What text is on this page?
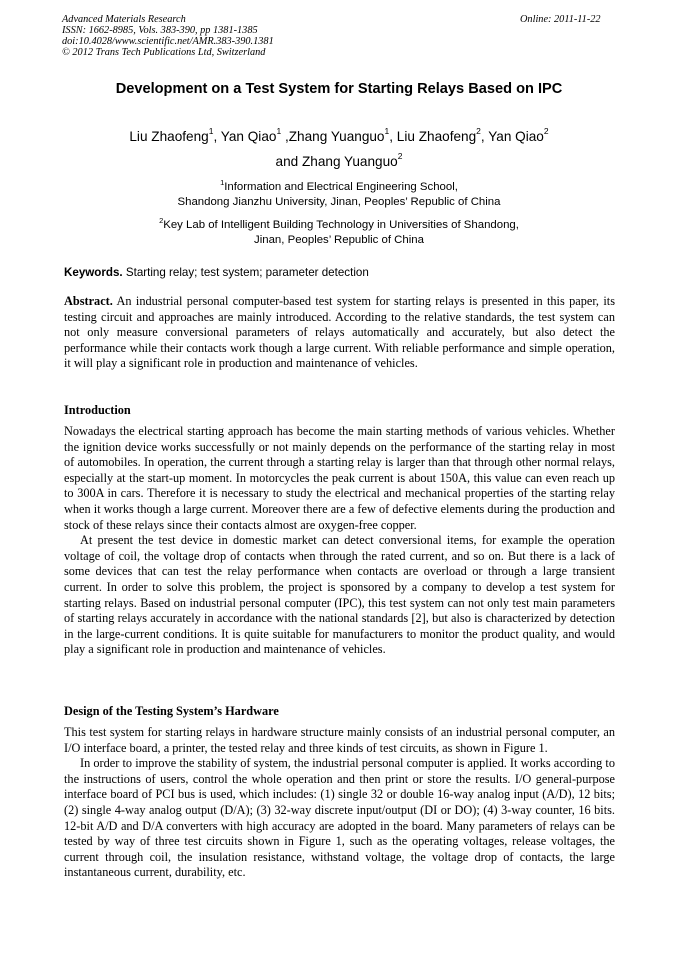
Advanced Materials Research
ISSN: 1662-8985, Vols. 383-390, pp 1381-1385
doi:10.4028/www.scientific.net/AMR.383-390.1381
© 2012 Trans Tech Publications Ltd, Switzerland
Online: 2011-11-22
Development on a Test System for Starting Relays Based on IPC
Liu Zhaofeng$^1$, Yan Qiao$^1$ ,Zhang Yuanguo$^1$, Liu Zhaofeng$^2$, Yan Qiao$^2$
and Zhang Yuanguo$^2$
$^1$Information and Electrical Engineering School,
Shandong Jianzhu University, Jinan, Peoples’ Republic of China
$^2$Key Lab of Intelligent Building Technology in Universities of Shandong,
Jinan, Peoples’ Republic of China
Keywords. Starting relay; test system; parameter detection

Abstract. An industrial personal computer-based test system for starting relays is presented in this paper, its testing circuit and approaches are mainly introduced. According to the relative standards, the test system can not only measure conversional parameters of relays automatically and accurately, but also detect the performance while their contacts work though a large current. With reliable performance and simple operation, it will play a significant role in production and maintenance of vehicles.

Introduction

Nowadays the electrical starting approach has become the main starting methods of various vehicles. Whether the ignition device works successfully or not mainly depends on the performance of the starting relay in most of automobiles. In operation, the current through a starting relay is larger than that through other normal relays, especially at the start-up moment. In motorcycles the peak current is about 150A, this value can even reach up to 300A in cars. Therefore it is necessary to study the electrical and mechanical properties of the starting relay when it works though a large current. Moreover there are a few of defective elements during the production and stock of these relays since their contacts almost are oxygen-free copper.

At present the test device in domestic market can detect conversional items, for example the operation voltage of coil, the voltage drop of contacts when through the rated current, and so on. But there is a lack of some devices that can test the relay performance when contacts are overload or through a large transient current. In order to solve this problem, the project is sponsored by a company to develop a test system for starting relays. Based on industrial personal computer (IPC), this test system can not only test main parameters of starting relays accurately in accordance with the national standards [2], but also is characterized by detection in the large-current conditions. It is quite suitable for manufacturers to monitor the product quality, and would play a significant role in production and maintenance of vehicles.

Design of the Testing System’s Hardware

This test system for starting relays in hardware structure mainly consists of an industrial personal computer, an I/O interface board, a printer, the tested relay and three kinds of test circuits, as shown in Figure 1.

In order to improve the stability of system, the industrial personal computer is applied. It works according to the instructions of users, control the whole operation and then print or store the results. I/O general-purpose interface board of PCI bus is used, which includes: (1) single 32 or double 16-way analog input (A/D), 12 bits; (2) single 4-way analog output (D/A); (3) 32-way discrete input/output (DI or DO); (4) 3-way counter, 16 bits. 12-bit A/D and D/A converters with high accuracy are adopted in the board. Many parameters of relays can be tested by way of three test circuits shown in Figure 1, such as the operating voltages, release voltages, the current through coil, the insulation resistance, withstand voltage, the voltage drop of contacts, the large instantaneous current, durability, etc.
